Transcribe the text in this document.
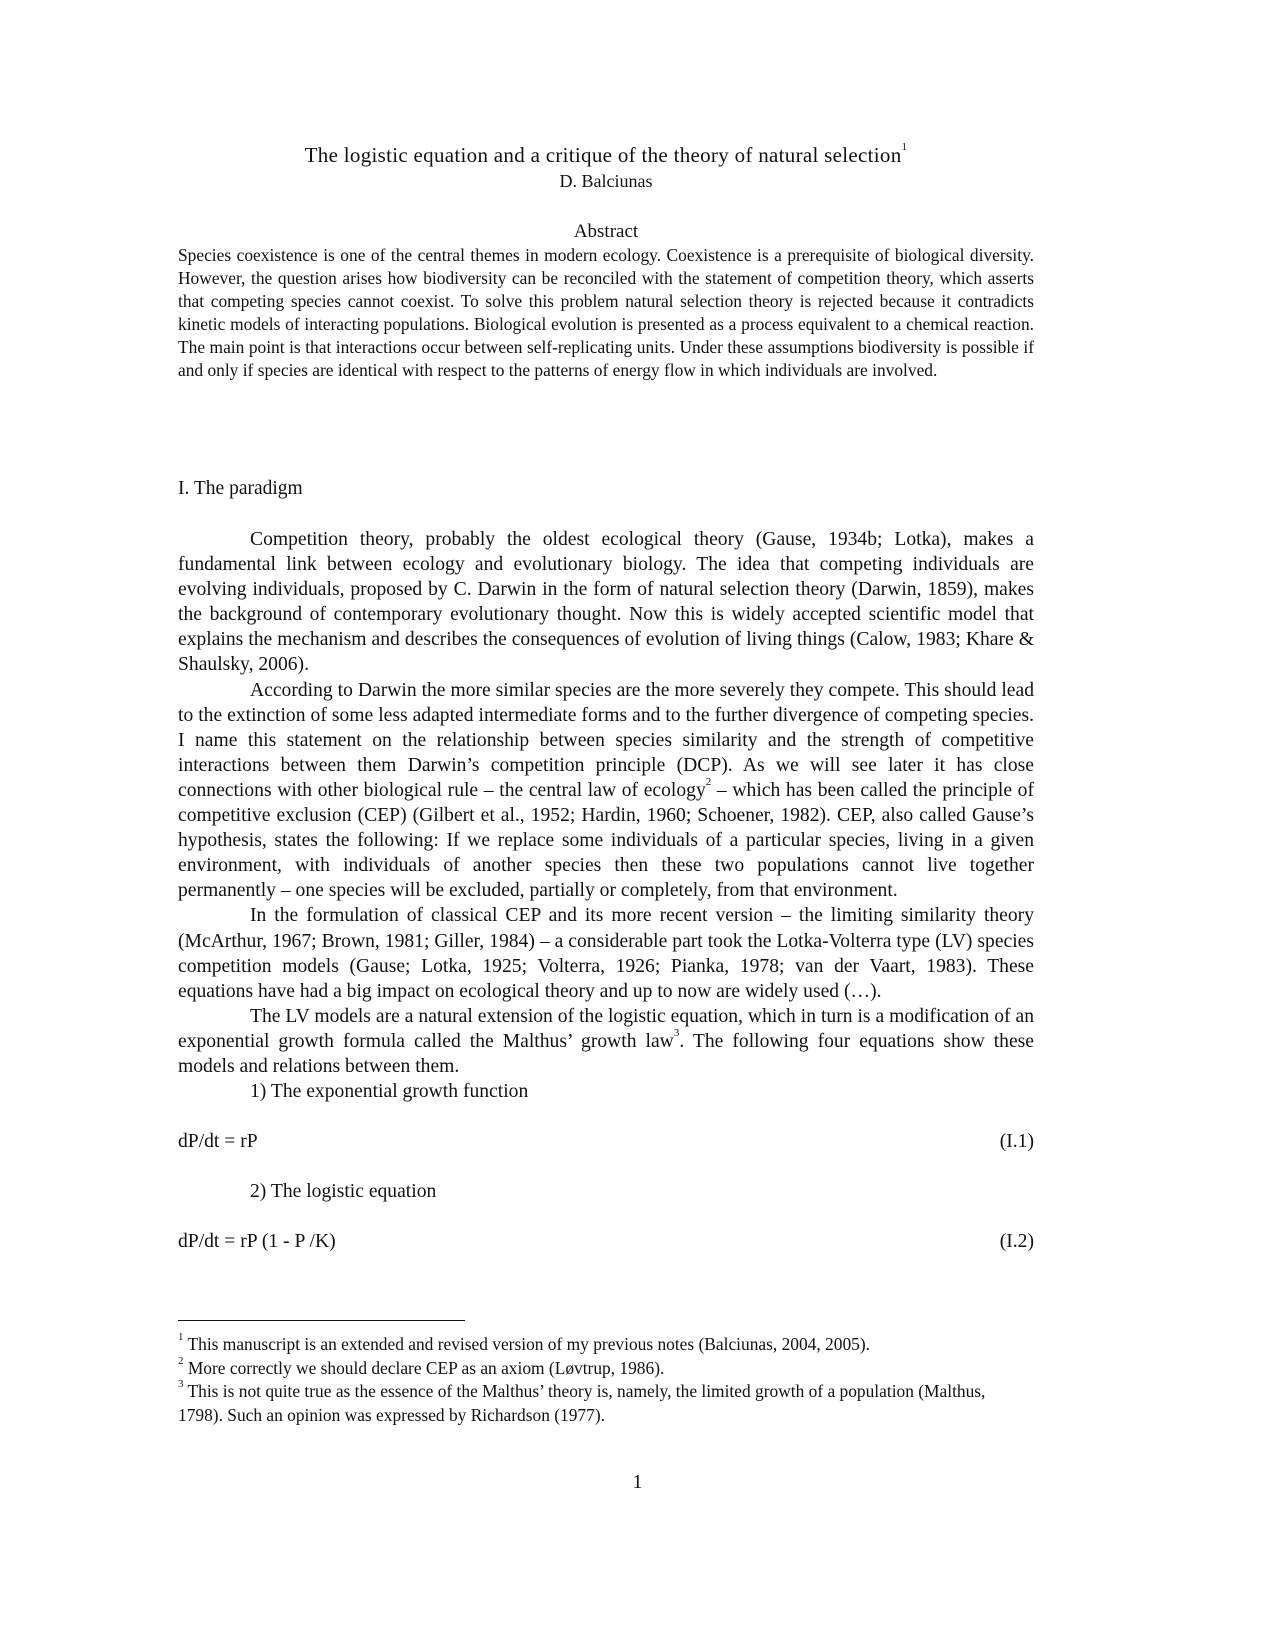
The logistic equation and a critique of the theory of natural selection$^1$
D. Balciunas
Abstract
Species coexistence is one of the central themes in modern ecology. Coexistence is a prerequisite of biological diversity. However, the question arises how biodiversity can be reconciled with the statement of competition theory, which asserts that competing species cannot coexist. To solve this problem natural selection theory is rejected because it contradicts kinetic models of interacting populations. Biological evolution is presented as a process equivalent to a chemical reaction. The main point is that interactions occur between self-replicating units. Under these assumptions biodiversity is possible if and only if species are identical with respect to the patterns of energy flow in which individuals are involved.
I. The paradigm

Competition theory, probably the oldest ecological theory (Gause, 1934b; Lotka), makes a fundamental link between ecology and evolutionary biology. The idea that competing individuals are evolving individuals, proposed by C. Darwin in the form of natural selection theory (Darwin, 1859), makes the background of contemporary evolutionary thought. Now this is widely accepted scientific model that explains the mechanism and describes the consequences of evolution of living things (Calow, 1983; Khare & Shaulsky, 2006).

According to Darwin the more similar species are the more severely they compete. This should lead to the extinction of some less adapted intermediate forms and to the further divergence of competing species. I name this statement on the relationship between species similarity and the strength of competitive interactions between them Darwin’s competition principle (DCP). As we will see later it has close connections with other biological rule – the central law of ecology$^2$ – which has been called the principle of competitive exclusion (CEP) (Gilbert et al., 1952; Hardin, 1960; Schoener, 1982). CEP, also called Gause’s hypothesis, states the following: If we replace some individuals of a particular species, living in a given environment, with individuals of another species then these two populations cannot live together permanently – one species will be excluded, partially or completely, from that environment.

In the formulation of classical CEP and its more recent version – the limiting similarity theory (McArthur, 1967; Brown, 1981; Giller, 1984) – a considerable part took the Lotka-Volterra type (LV) species competition models (Gause; Lotka, 1925; Volterra, 1926; Pianka, 1978; van der Vaart, 1983). These equations have had a big impact on ecological theory and up to now are widely used (…).

The LV models are a natural extension of the logistic equation, which in turn is a modification of an exponential growth formula called the Malthus’ growth law$^3$. The following four equations show these models and relations between them.

1) The exponential growth function

dP/dt = rP	(I.1)

2) The logistic equation

dP/dt = rP (1 - P /K)	(I.2)

$^1$ This manuscript is an extended and revised version of my previous notes (Balciunas, 2004, 2005).
$^2$ More correctly we should declare CEP as an axiom (Løvtrup, 1986).
$^3$ This is not quite true as the essence of the Malthus’ theory is, namely, the limited growth of a population (Malthus, 1798). Such an opinion was expressed by Richardson (1977).
1
